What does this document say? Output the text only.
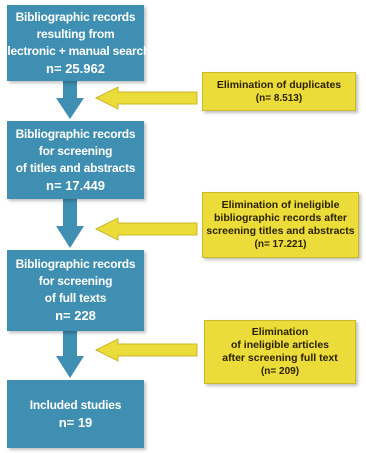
Bibliographic records
resulting from
electronic + manual search
n= 25.962
Bibliographic records
for screening
of titles and abstracts
n= 17.449
Bibliographic records
for screening
of full texts
n= 228
Included studies
n= 19
Elimination of duplicates
(n= 8.513)
Elimination of ineligible
bibliographic records after
screening titles and abstracts
(n= 17.221)
Elimination
of ineligible articles
after screening full text
(n= 209)
